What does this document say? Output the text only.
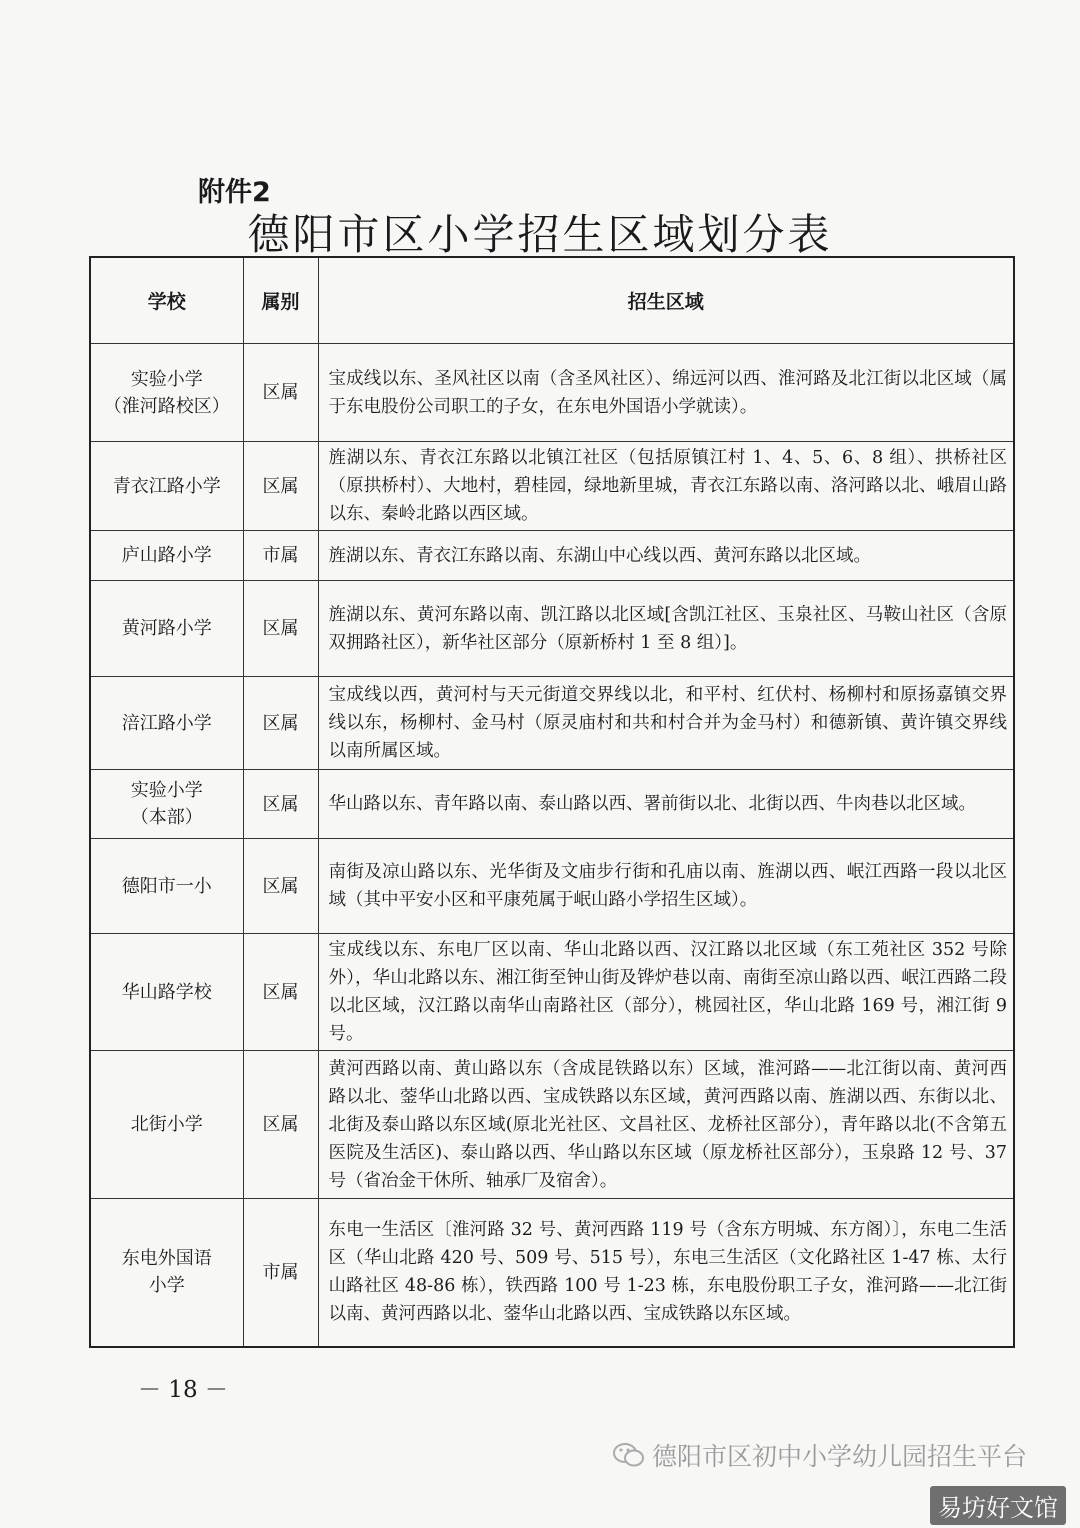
附件2
德阳市区小学招生区域划分表
学校	属别	招生区域
实验小学
（淮河路校区）	区属	宝成线以东、圣风社区以南（含圣风社区）、绵远河以西、淮河路及北江街以北区域（属于东电股份公司职工的子女，在东电外国语小学就读）。
青衣江路小学	区属	旌湖以东、青衣江东路以北镇江社区（包括原镇江村 1、4、5、6、8 组）、拱桥社区（原拱桥村）、大地村，碧桂园，绿地新里城，青衣江东路以南、洛河路以北、峨眉山路以东、秦岭北路以西区域。
庐山路小学	市属	旌湖以东、青衣江东路以南、东湖山中心线以西、黄河东路以北区域。
黄河路小学	区属	旌湖以东、黄河东路以南、凯江路以北区域[含凯江社区、玉泉社区、马鞍山社区（含原双拥路社区），新华社区部分（原新桥村 1 至 8 组）]。
涪江路小学	区属	宝成线以西，黄河村与天元街道交界线以北，和平村、红伏村、杨柳村和原扬嘉镇交界线以东，杨柳村、金马村（原灵庙村和共和村合并为金马村）和德新镇、黄许镇交界线以南所属区域。
实验小学
（本部）	区属	华山路以东、青年路以南、泰山路以西、署前街以北、北街以西、牛肉巷以北区域。
德阳市一小	区属	南街及凉山路以东、光华街及文庙步行街和孔庙以南、旌湖以西、岷江西路一段以北区域（其中平安小区和平康苑属于岷山路小学招生区域）。
华山路学校	区属	宝成线以东、东电厂区以南、华山北路以西、汉江路以北区域（东工苑社区 352 号除外），华山北路以东、湘江街至钟山街及铧炉巷以南、南街至凉山路以西、岷江西路二段以北区域，汉江路以南华山南路社区（部分），桃园社区，华山北路 169 号，湘江街 9 号。
北街小学	区属	黄河西路以南、黄山路以东（含成昆铁路以东）区域，淮河路——北江街以南、黄河西路以北、蓥华山北路以西、宝成铁路以东区域，黄河西路以南、旌湖以西、东街以北、北街及泰山路以东区域(原北光社区、文昌社区、龙桥社区部分），青年路以北(不含第五医院及生活区)、泰山路以西、华山路以东区域（原龙桥社区部分），玉泉路 12 号、37 号（省冶金干休所、轴承厂及宿舍）。
东电外国语
小学	市属	东电一生活区〔淮河路 32 号、黄河西路 119 号（含东方明城、东方阁）〕，东电二生活区（华山北路 420 号、509 号、515 号），东电三生活区（文化路社区 1-47 栋、太行山路社区 48-86 栋），铁西路 100 号 1-23 栋，东电股份职工子女，淮河路——北江街以南、黄河西路以北、蓥华山北路以西、宝成铁路以东区域。
－ 18 －
德阳市区初中小学幼儿园招生平台
易坊好文馆
